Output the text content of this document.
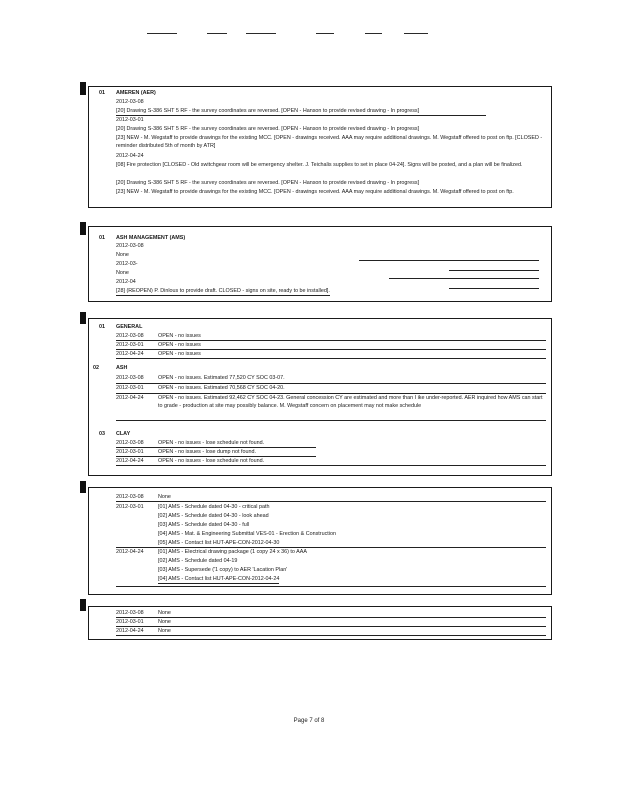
01 AMEREN (AER)
2012-03-08
[20] Drawing S-386 SHT 5 RF - the survey coordinates are reversed. [OPEN - Hanson to provide revised drawing - In progress]
2012-03-01
[20] Drawing S-386 SHT 5 RF - the survey coordinates are reversed. [OPEN - Hanson to provide revised drawing - In progress]
[23] NEW - M. Wegstaff to provide drawings for the existing MCC. [OPEN - drawings received. AAA may require additional drawings. M. Wegstaff offered to post on ftp. [CLOSED - reminder distributed 5th of month by ATR]
2012-04-24
[08] Fire protection [CLOSED - Old switchgear room will be emergency shelter. J. Teichalis supplies to set in place 04-24]. Signs will be posted, and a plan will be finalized.
[20] Drawing S-386 SHT 5 RF - the survey coordinates are reversed. [OPEN - Hanson to provide revised drawing - In progress]
[23] NEW - M. Wegstaff to provide drawings for the existing MCC. [OPEN - drawings received. AAA may require additional drawings. M. Wegstaff offered to post on ftp.
01 ASH MANAGEMENT (AMS)
2012-03-08
None
2012-03-
None
2012-04
[28] (REOPEN) P. Dinlous to provide draft. CLOSED - signs on site, ready to be installed].
01 GENERAL
2012-03-08	OPEN - no issues
2012-03-01	OPEN - no issues
2012-04-24	OPEN - no issues
02	ASH
2012-03-08	OPEN - no issues. Estimated 77,520 CY SOC 03-07.
2012-03-01	OPEN - no issues. Estimated 70,568 CY SOC 04-20.
2012-04-24	OPEN - no issues. Estimated 92,462 CY SOC 04-23. General concession CY are estimated and more than I ike under-reported. AER inquired how AMS can start to grade - production at site may possibly balance. M. Wegstaff concern on placement may not make schedule
03 CLAY
2012-03-08	OPEN - no issues - lose schedule not found.
2012-03-01	OPEN - no issues - lose dump not found.
2012-04-24	OPEN - no issues - lose schedule not found.
2012-03-08	None
2012-03-01	[01] AMS - Schedule dated 04-30 - critical path
[02] AMS - Schedule dated 04-30 - look ahead
[03] AMS - Schedule dated 04-30 - full
[04] AMS - Mat. & Engineering Submittal VES-01 - Erection & Construction
[05] AMS - Contact list HUT-APE-CON-2012-04-30
2012-04-24	[01] AMS - Electrical drawing package (1 copy 24 x 36) to AAA
[02] AMS - Schedule dated 04-19
[03] AMS - Supersede ('1 copy) to AER 'Lacation Plan'
[04] AMS - Contact list HUT-APE-CON-2012-04-24
2012-03-08	None
2012-03-01	None
2012-04-24	None
Page 7 of 8
